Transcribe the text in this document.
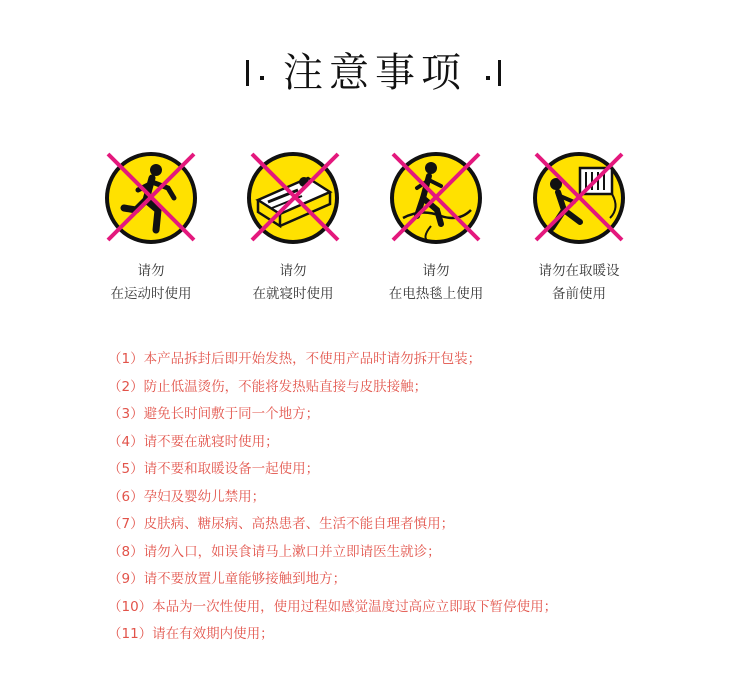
注意事项
请勿
在运动时使用
请勿
在就寝时使用
请勿
在电热毯上使用
请勿在取暖设
备前使用
（1）本产品拆封后即开始发热，不使用产品时请勿拆开包装；
（2）防止低温烫伤，不能将发热贴直接与皮肤接触；
（3）避免长时间敷于同一个地方；
（4）请不要在就寝时使用；
（5）请不要和取暖设备一起使用；
（6）孕妇及婴幼儿禁用；
（7）皮肤病、糖尿病、高热患者、生活不能自理者慎用；
（8）请勿入口，如误食请马上漱口并立即请医生就诊；
（9）请不要放置儿童能够接触到地方；
（10）本品为一次性使用，使用过程如感觉温度过高应立即取下暂停使用；
（11）请在有效期内使用；
